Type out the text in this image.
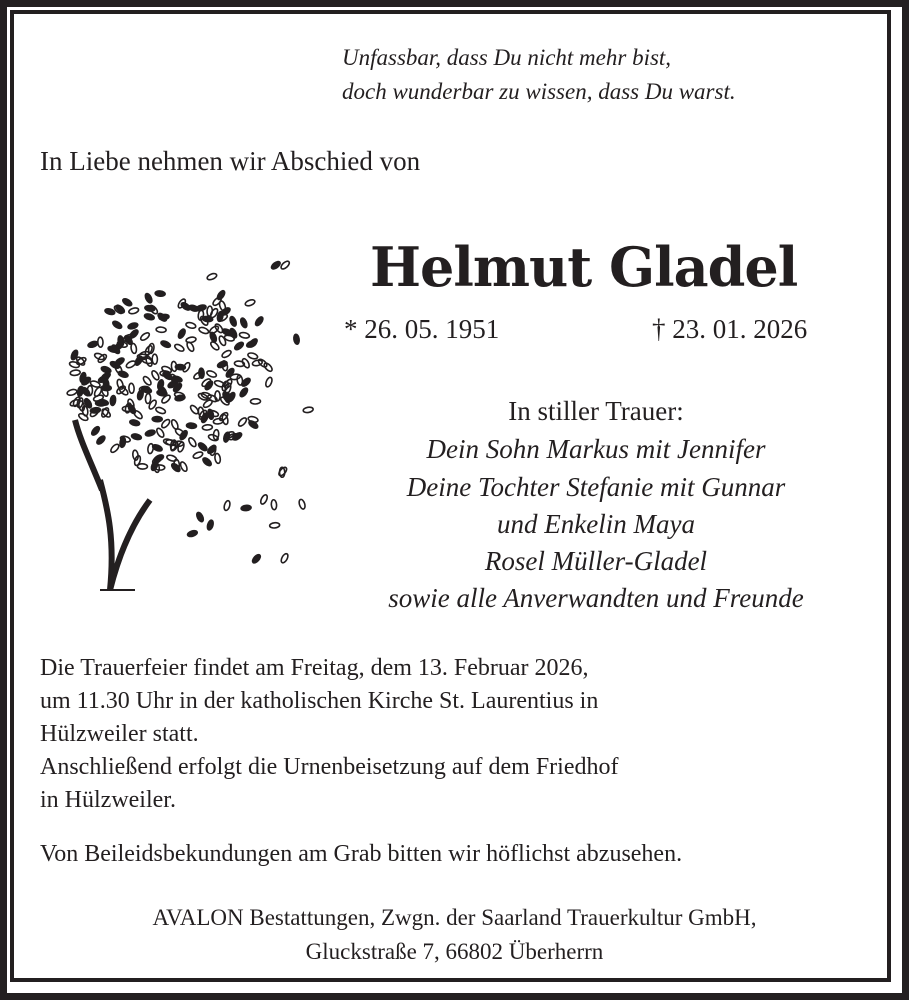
Unfassbar, dass Du nicht mehr bist,
doch wunderbar zu wissen, dass Du warst.
In Liebe nehmen wir Abschied von
Helmut Gladel
* 26. 05. 1951	† 23. 01. 2026
In stiller Trauer:
Dein Sohn Markus mit Jennifer
Deine Tochter Stefanie mit Gunnar
und Enkelin Maya
Rosel Müller-Gladel
sowie alle Anverwandten und Freunde
Die Trauerfeier findet am Freitag, dem 13. Februar 2026,
um 11.30 Uhr in der katholischen Kirche St. Laurentius in
Hülzweiler statt.
Anschließend erfolgt die Urnenbeisetzung auf dem Friedhof
in Hülzweiler.
Von Beileidsbekundungen am Grab bitten wir höflichst abzusehen.
AVALON Bestattungen, Zwgn. der Saarland Trauerkultur GmbH,
Gluckstraße 7, 66802 Überherrn
